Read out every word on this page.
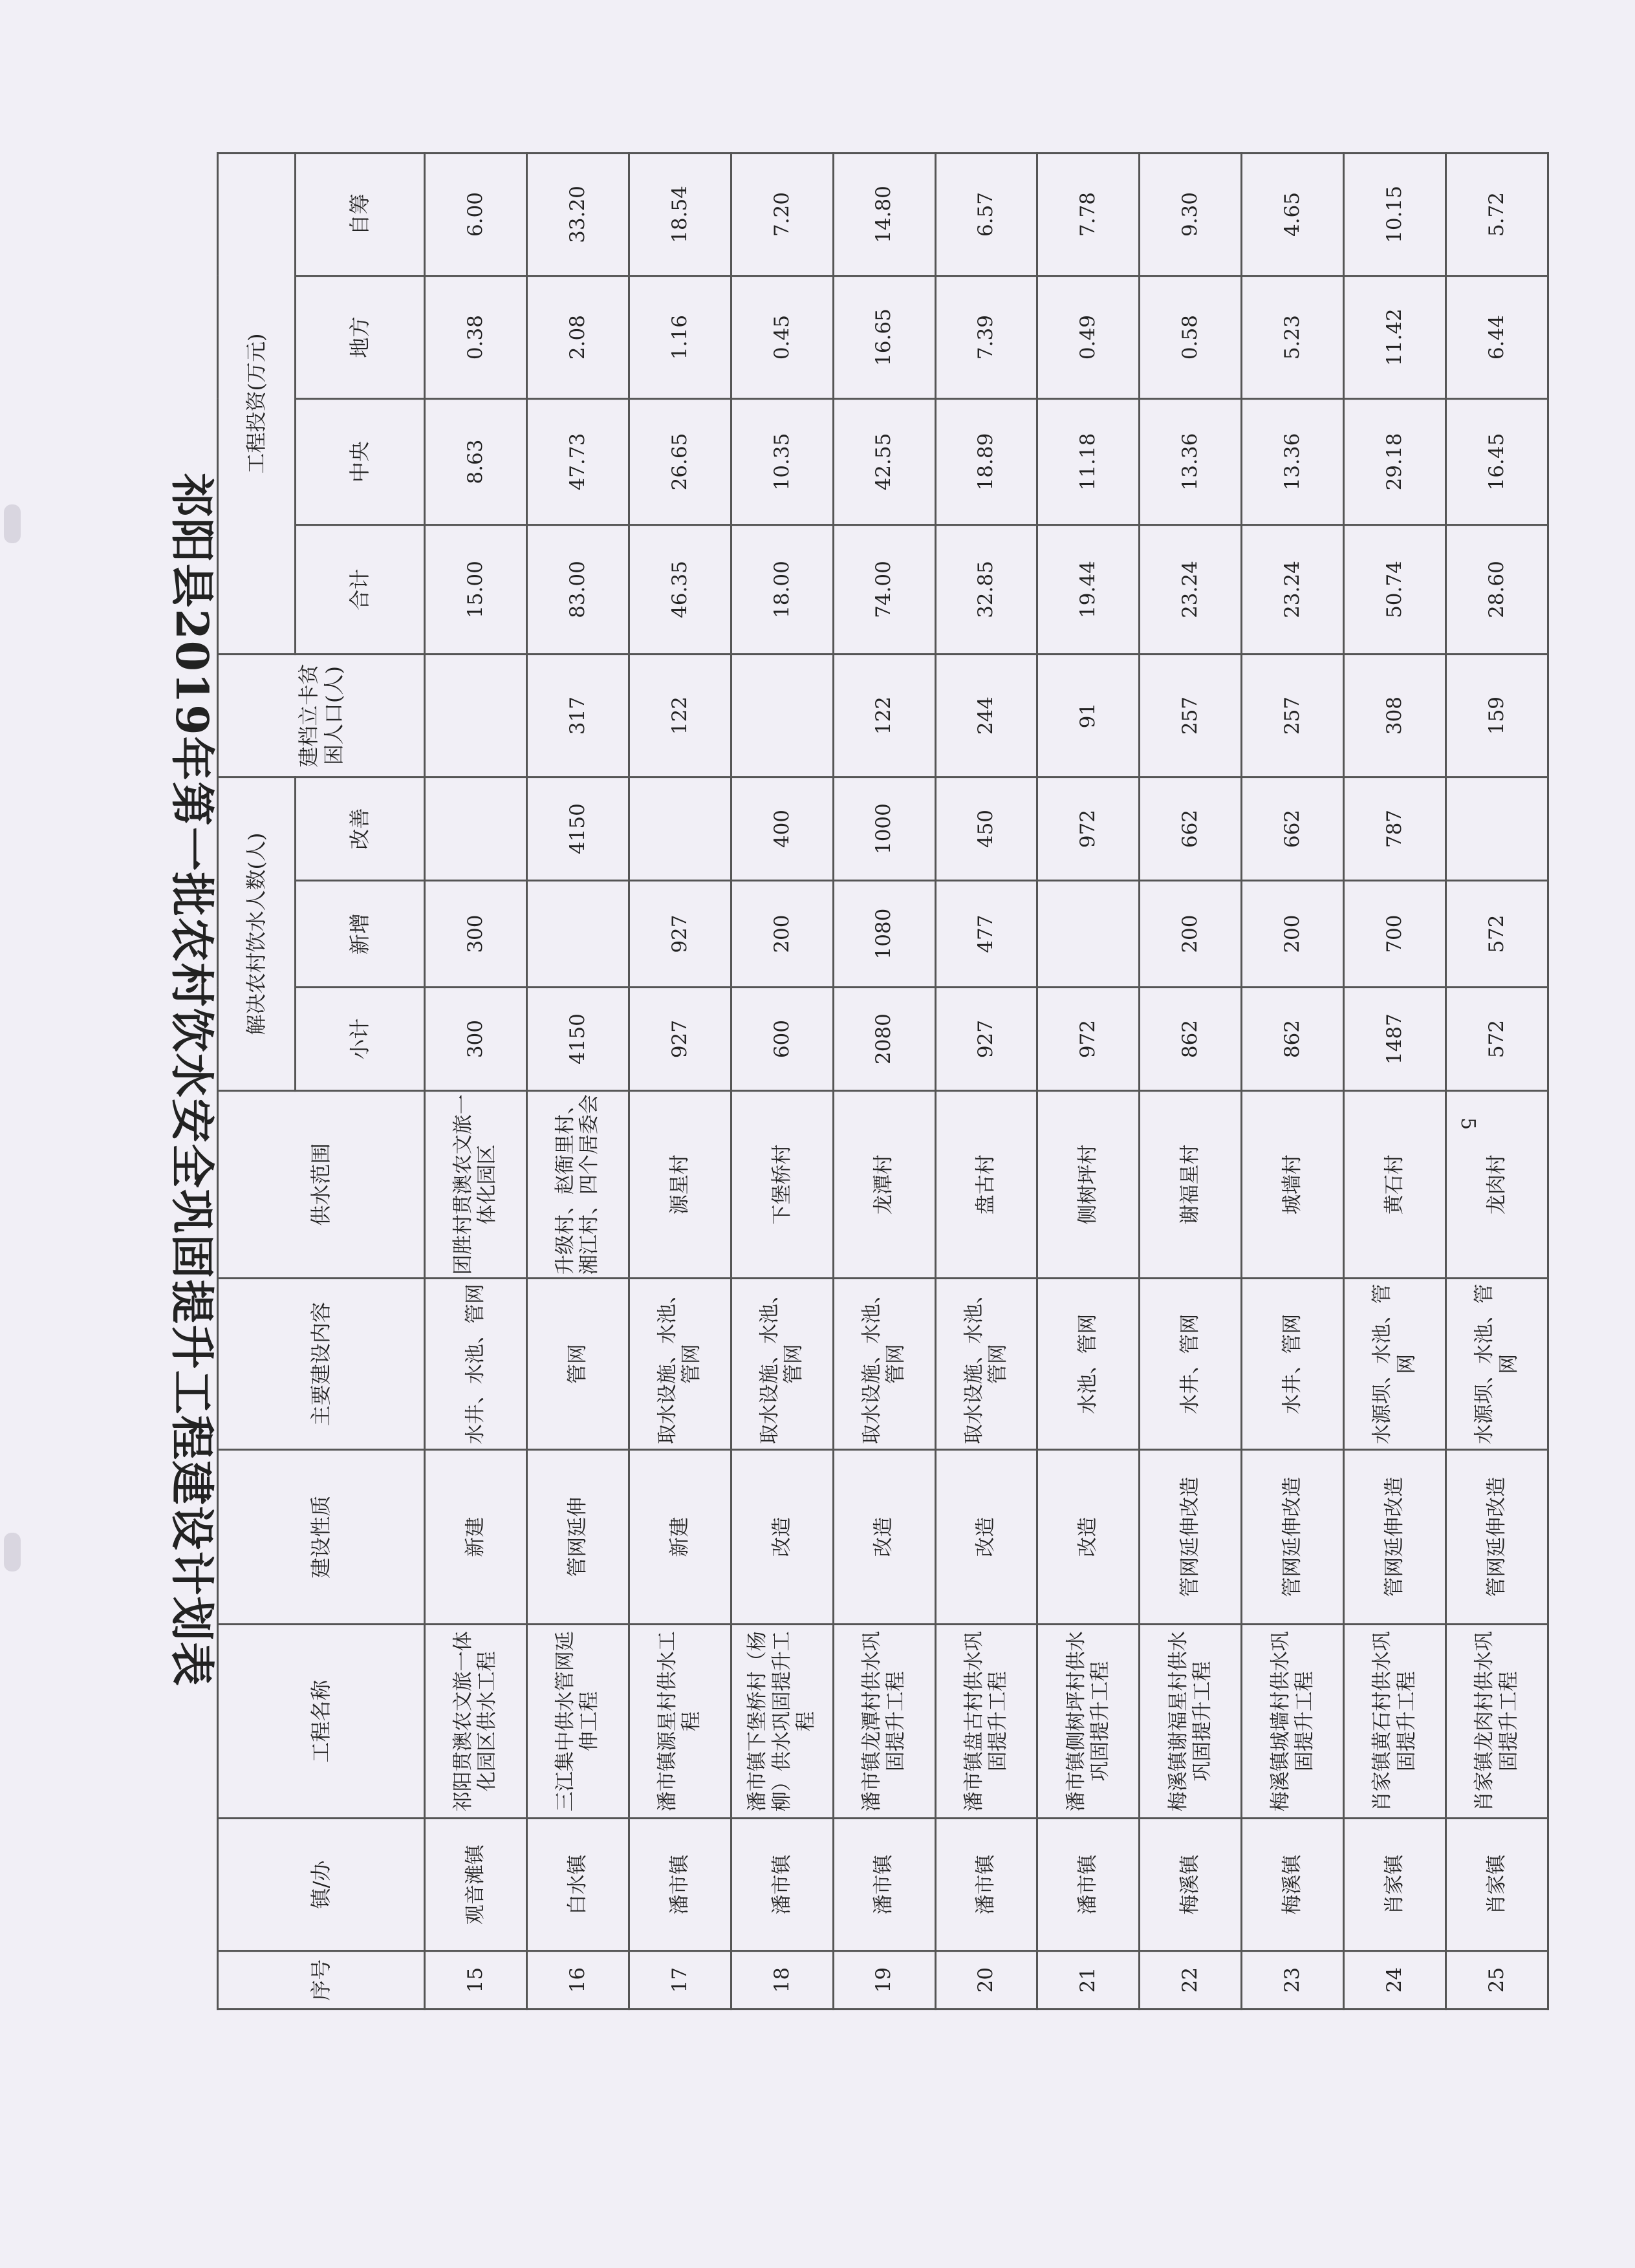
祁阳县2019年第一批农村饮水安全巩固提升工程建设计划表
序号	镇/办	工程名称	建设性质	主要建设内容	供水范围	解决农村饮水人数(人)			建档立卡贫困人口(人)	工程投资(万元)			
						小计	新增	改善		合计	中央	地方	自筹

15	观音滩镇	祁阳贯澳农文旅一体化园区供水工程	新建	水井、水池、管网	团胜村贯澳农文旅一体化园区	300	300			15.00	8.63	0.38	6.00
16	白水镇	三江集中供水管网延伸工程	管网延伸	管网	升级村、赵衙里村、湘江村、四个居委会	4150		4150	317	83.00	47.73	2.08	33.20
17	潘市镇	潘市镇源星村供水工程	新建	取水设施、水池、管网	源星村	927	927		122	46.35	26.65	1.16	18.54
18	潘市镇	潘市镇下堡桥村（杨柳）供水巩固提升工程	改造	取水设施、水池、管网	下堡桥村	600	200	400		18.00	10.35	0.45	7.20
19	潘市镇	潘市镇龙潭村供水巩固提升工程	改造	取水设施、水池、管网	龙潭村	2080	1080	1000	122	74.00	42.55	16.65	14.80
20	潘市镇	潘市镇盘古村供水巩固提升工程	改造	取水设施、水池、管网	盘古村	927	477	450	244	32.85	18.89	7.39	6.57
21	潘市镇	潘市镇侧树坪村供水巩固提升工程	改造	水池、管网	侧树坪村	972		972	91	19.44	11.18	0.49	7.78
22	梅溪镇	梅溪镇谢福星村供水巩固提升工程	管网延伸改造	水井、管网	谢福星村	862	200	662	257	23.24	13.36	0.58	9.30
23	梅溪镇	梅溪镇城墙村供水巩固提升工程	管网延伸改造	水井、管网	城墙村	862	200	662	257	23.24	13.36	5.23	4.65
24	肖家镇	肖家镇黄石村供水巩固提升工程	管网延伸改造	水源坝、水池、管网	黄石村	1487	700	787	308	50.74	29.18	11.42	10.15
25	肖家镇	肖家镇龙肉村供水巩固提升工程	管网延伸改造	水源坝、水池、管网	龙肉村	572	572		159	28.60	16.45	6.44	5.72
5
